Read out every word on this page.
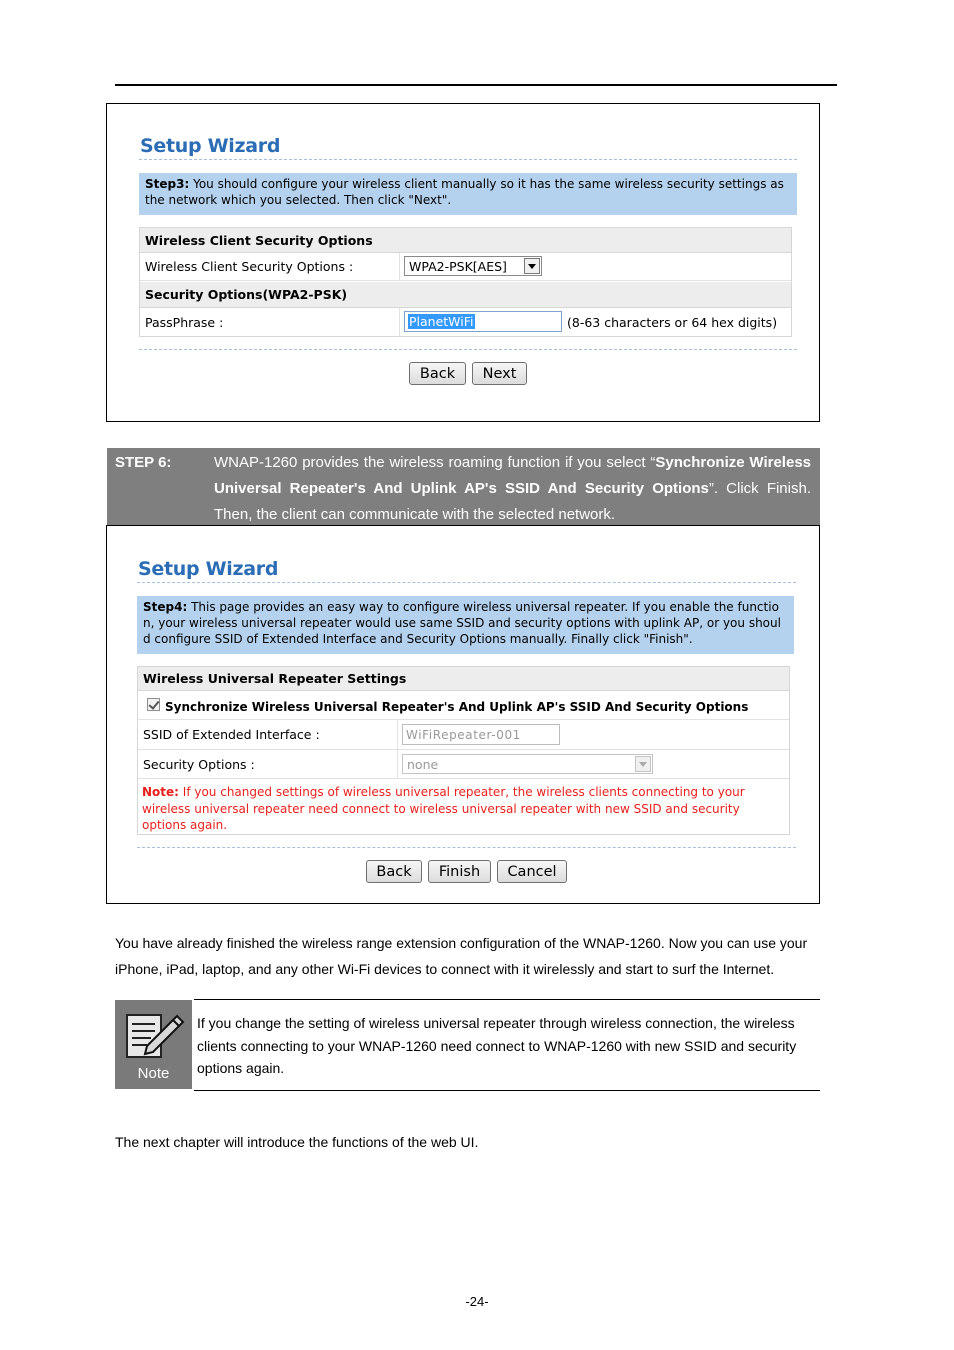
Setup Wizard
Step3: You should configure your wireless client manually so it has the same wireless security settings as the network which you selected. Then click "Next".
Wireless Client Security Options
Wireless Client Security Options :	WPA2-PSK[AES]
Security Options(WPA2-PSK)
PassPhrase :	PlanetWiFi	(8-63 characters or 64 hex digits)
Back	Next
STEP 6:	WNAP-1260 provides the wireless roaming function if you select “Synchronize Wireless Universal Repeater's And Uplink AP's SSID And Security Options”. Click Finish. Then, the client can communicate with the selected network.
Setup Wizard
Step4: This page provides an easy way to configure wireless universal repeater. If you enable the functio n, your wireless universal repeater would use same SSID and security options with uplink AP, or you shoul d configure SSID of Extended Interface and Security Options manually. Finally click "Finish".
Wireless Universal Repeater Settings
Synchronize Wireless Universal Repeater's And Uplink AP's SSID And Security Options
SSID of Extended Interface :	WiFiRepeater-001
Security Options :	none
Note: If you changed settings of wireless universal repeater, the wireless clients connecting to your wireless universal repeater need connect to wireless universal repeater with new SSID and security options again.
Back	Finish	Cancel
You have already finished the wireless range extension configuration of the WNAP-1260. Now you can use your iPhone, iPad, laptop, and any other Wi-Fi devices to connect with it wirelessly and start to surf the Internet.
Note
If you change the setting of wireless universal repeater through wireless connection, the wireless clients connecting to your WNAP-1260 need connect to WNAP-1260 with new SSID and security options again.
The next chapter will introduce the functions of the web UI.
-24-
